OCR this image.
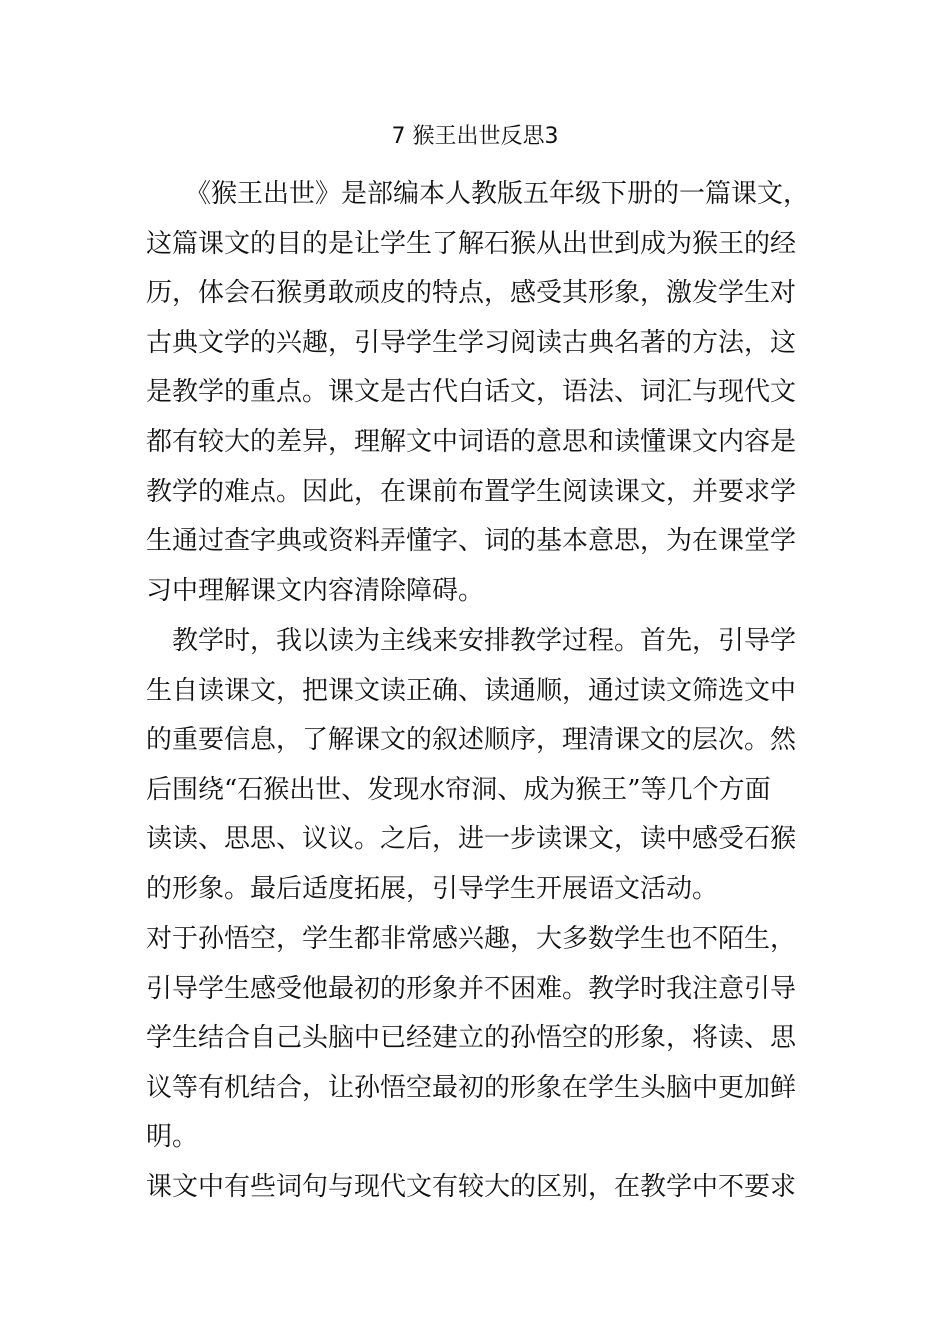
7 猴王出世反思3
　　《猴王出世》是部编本人教版五年级下册的一篇课文，
这篇课文的目的是让学生了解石猴从出世到成为猴王的经
历，体会石猴勇敢顽皮的特点，感受其形象，激发学生对
古典文学的兴趣，引导学生学习阅读古典名著的方法，这
是教学的重点。课文是古代白话文，语法、词汇与现代文
都有较大的差异，理解文中词语的意思和读懂课文内容是
教学的难点。因此，在课前布置学生阅读课文，并要求学
生通过查字典或资料弄懂字、词的基本意思，为在课堂学
习中理解课文内容清除障碍。
　教学时，我以读为主线来安排教学过程。首先，引导学
生自读课文，把课文读正确、读通顺，通过读文筛选文中
的重要信息，了解课文的叙述顺序，理清课文的层次。然
后围绕“石猴出世、发现水帘洞、成为猴王”等几个方面
读读、思思、议议。之后，进一步读课文，读中感受石猴
的形象。最后适度拓展，引导学生开展语文活动。
对于孙悟空，学生都非常感兴趣，大多数学生也不陌生，
引导学生感受他最初的形象并不困难。教学时我注意引导
学生结合自己头脑中已经建立的孙悟空的形象，将读、思
议等有机结合，让孙悟空最初的形象在学生头脑中更加鲜
明。
课文中有些词句与现代文有较大的区别，在教学中不要求
